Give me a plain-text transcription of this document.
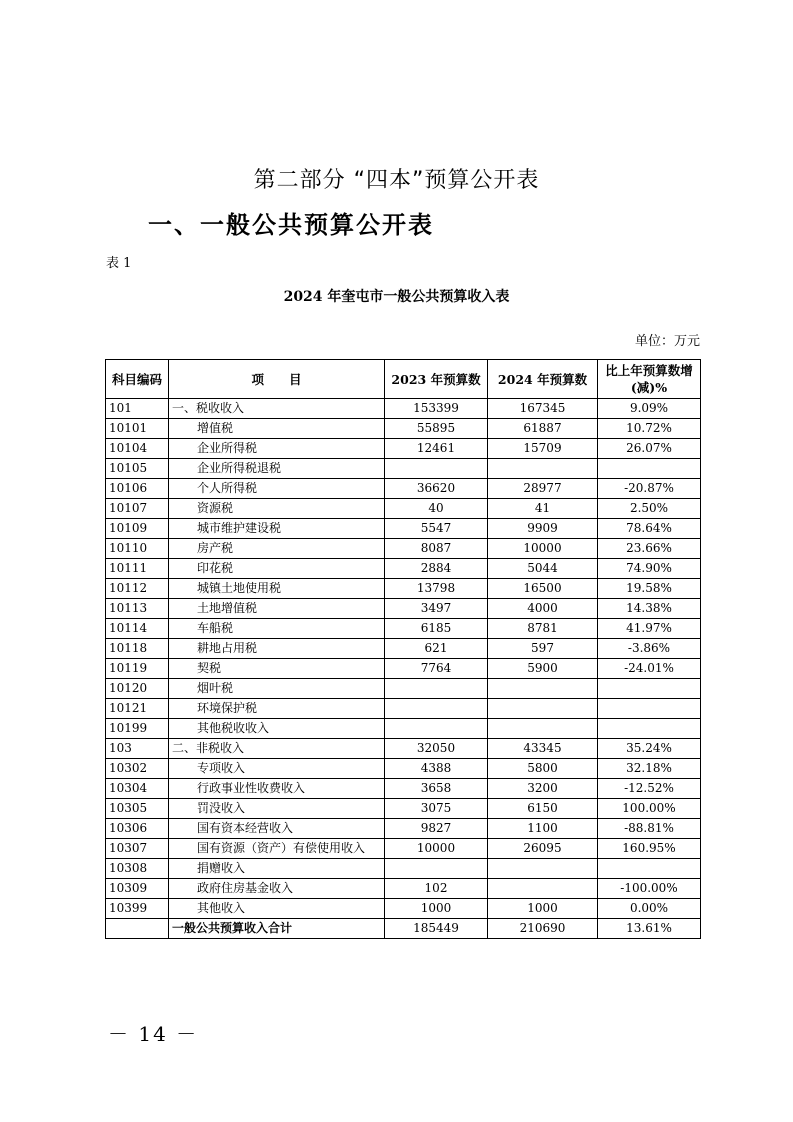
第二部分 “四本”预算公开表
一、一般公共预算公开表
表 1
2024 年奎屯市一般公共预算收入表
单位：万元
科目编码	项　　目	2023 年预算数	2024 年预算数	比上年预算数增(减)%
101	一、税收收入	153399	167345	9.09%
10101	增值税	55895	61887	10.72%
10104	企业所得税	12461	15709	26.07%
10105	企业所得税退税			
10106	个人所得税	36620	28977	-20.87%
10107	资源税	40	41	2.50%
10109	城市维护建设税	5547	9909	78.64%
10110	房产税	8087	10000	23.66%
10111	印花税	2884	5044	74.90%
10112	城镇土地使用税	13798	16500	19.58%
10113	土地增值税	3497	4000	14.38%
10114	车船税	6185	8781	41.97%
10118	耕地占用税	621	597	-3.86%
10119	契税	7764	5900	-24.01%
10120	烟叶税			
10121	环境保护税			
10199	其他税收收入			
103	二、非税收入	32050	43345	35.24%
10302	专项收入	4388	5800	32.18%
10304	行政事业性收费收入	3658	3200	-12.52%
10305	罚没收入	3075	6150	100.00%
10306	国有资本经营收入	9827	1100	-88.81%
10307	国有资源（资产）有偿使用收入	10000	26095	160.95%
10308	捐赠收入			
10309	政府住房基金收入	102		-100.00%
10399	其他收入	1000	1000	0.00%
	一般公共预算收入合计	185449	210690	13.61%
－ 14 －
